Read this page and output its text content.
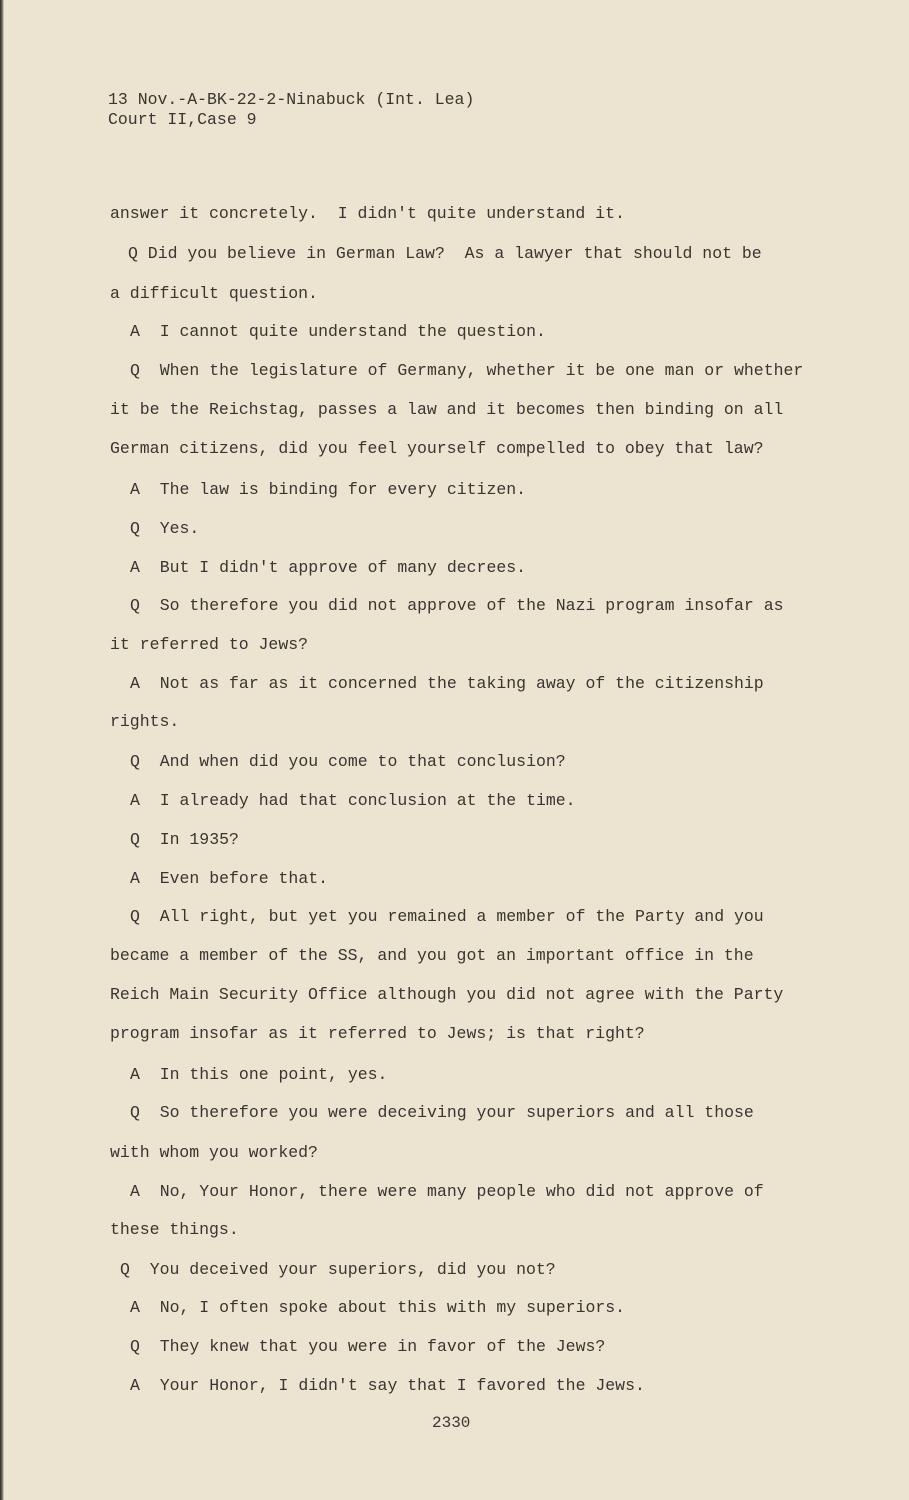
13 Nov.-A-BK-22-2-Ninabuck (Int. Lea)
Court II,Case 9
answer it concretely.  I didn't quite understand it.
Q Did you believe in German Law?  As a lawyer that should not be
a difficult question.
A  I cannot quite understand the question.
Q  When the legislature of Germany, whether it be one man or whether
it be the Reichstag, passes a law and it becomes then binding on all
German citizens, did you feel yourself compelled to obey that law?
A  The law is binding for every citizen.
Q  Yes.
A  But I didn't approve of many decrees.
Q  So therefore you did not approve of the Nazi program insofar as
it referred to Jews?
A  Not as far as it concerned the taking away of the citizenship
rights.
Q  And when did you come to that conclusion?
A  I already had that conclusion at the time.
Q  In 1935?
A  Even before that.
Q  All right, but yet you remained a member of the Party and you
became a member of the SS, and you got an important office in the
Reich Main Security Office although you did not agree with the Party
program insofar as it referred to Jews; is that right?
A  In this one point, yes.
Q  So therefore you were deceiving your superiors and all those
with whom you worked?
A  No, Your Honor, there were many people who did not approve of
these things.
Q  You deceived your superiors, did you not?
A  No, I often spoke about this with my superiors.
Q  They knew that you were in favor of the Jews?
A  Your Honor, I didn't say that I favored the Jews.
2330
